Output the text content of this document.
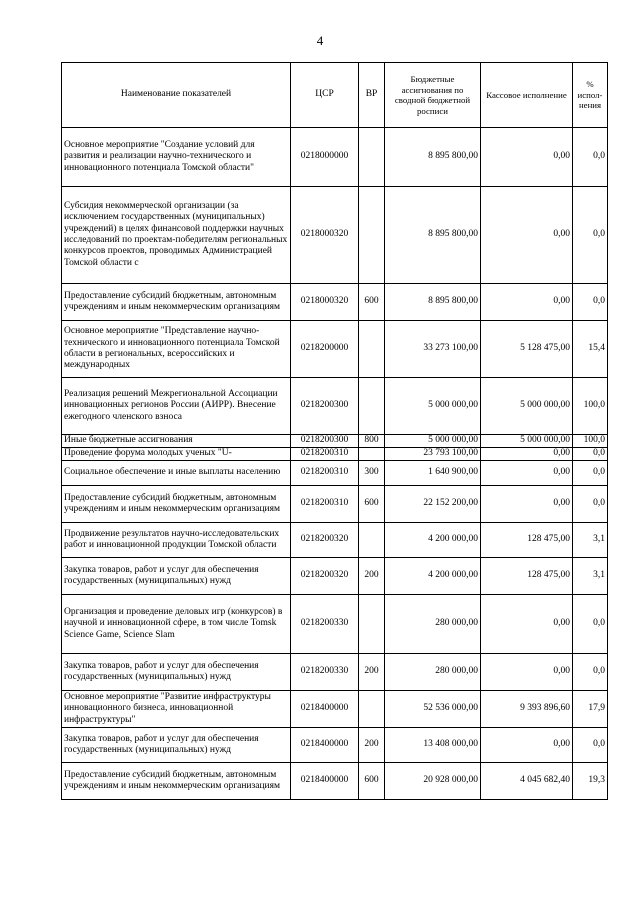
4
Наименование показателей	ЦСР	ВР	Бюджетные ассигнования по сводной бюджетной росписи	Кассовое исполнение	% испол-нения

Основное мероприятие "Создание условий для развития и реализации научно-технического и инновационного потенциала Томской области"	0218000000		8 895 800,00	0,00	0,0

Субсидия некоммерческой организации (за исключением государственных (муниципальных) учреждений) в целях финансовой поддержки научных исследований по проектам-победителям региональных конкурсов проектов, проводимых Администрацией Томской области с	0218000320		8 895 800,00	0,00	0,0

Предоставление субсидий бюджетным, автономным учреждениям и иным некоммерческим организациям	0218000320	600	8 895 800,00	0,00	0,0

Основное мероприятие "Представление научно-технического и инновационного потенциала Томской области в региональных, всероссийских и международных	0218200000		33 273 100,00	5 128 475,00	15,4

Реализация решений Межрегиональной Ассоциации инновационных регионов России (АИРР). Внесение ежегодного членского взноса	0218200300		5 000 000,00	5 000 000,00	100,0

Иные бюджетные ассигнования	0218200300	800	5 000 000,00	5 000 000,00	100,0

Проведение форума молодых ученых "U-	0218200310		23 793 100,00	0,00	0,0

Социальное обеспечение и иные выплаты населению	0218200310	300	1 640 900,00	0,00	0,0

Предоставление субсидий бюджетным, автономным учреждениям и иным некоммерческим организациям	0218200310	600	22 152 200,00	0,00	0,0

Продвижение результатов научно-исследовательских работ и инновационной продукции Томской области	0218200320		4 200 000,00	128 475,00	3,1

Закупка товаров, работ и услуг для обеспечения государственных (муниципальных) нужд	0218200320	200	4 200 000,00	128 475,00	3,1

Организация и проведение деловых игр (конкурсов) в научной и инновационной сфере, в том числе Tomsk Science Game, Science Slam	0218200330		280 000,00	0,00	0,0

Закупка товаров, работ и услуг для обеспечения государственных (муниципальных) нужд	0218200330	200	280 000,00	0,00	0,0

Основное мероприятие "Развитие инфраструктуры инновационного бизнеса, инновационной инфраструктуры"	0218400000		52 536 000,00	9 393 896,60	17,9

Закупка товаров, работ и услуг для обеспечения государственных (муниципальных) нужд	0218400000	200	13 408 000,00	0,00	0,0

Предоставление субсидий бюджетным, автономным учреждениям и иным некоммерческим организациям	0218400000	600	20 928 000,00	4 045 682,40	19,3
